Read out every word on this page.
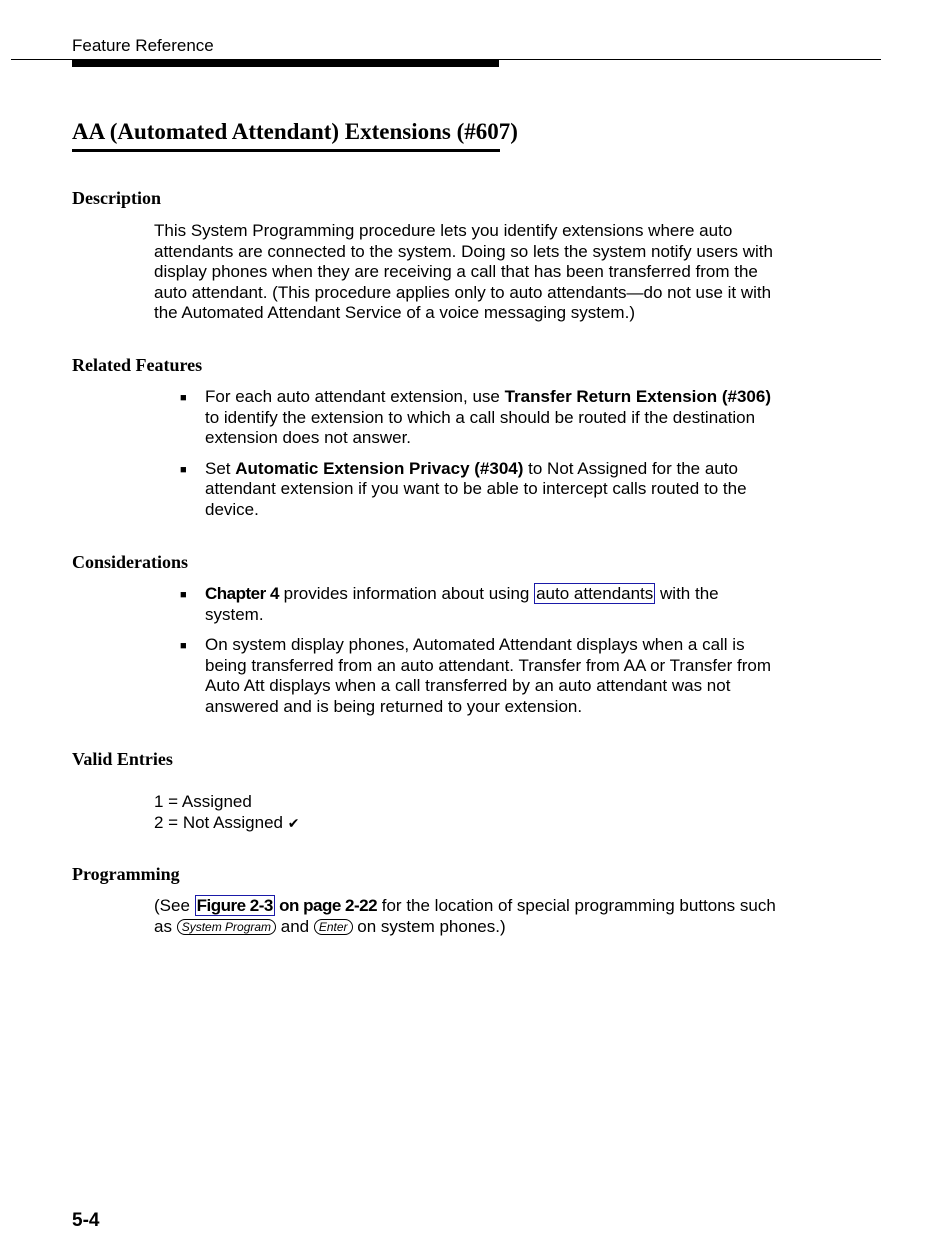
Feature Reference
AA (Automated Attendant) Extensions (#607)
Description

This System Programming procedure lets you identify extensions where auto attendants are connected to the system. Doing so lets the system notify users with display phones when they are receiving a call that has been transferred from the auto attendant. (This procedure applies only to auto attendants—do not use it with the Automated Attendant Service of a voice messaging system.)

Related Features
■ For each auto attendant extension, use Transfer Return Extension (#306) to identify the extension to which a call should be routed if the destination extension does not answer.
■ Set Automatic Extension Privacy (#304) to Not Assigned for the auto attendant extension if you want to be able to intercept calls routed to the device.
Considerations
■ Chapter 4 provides information about using auto attendants with the system.
■ On system display phones, Automated Attendant displays when a call is being transferred from an auto attendant. Transfer from AA or Transfer from Auto Att displays when a call transferred by an auto attendant was not answered and is being returned to your extension.
Valid Entries
1 = Assigned
2 = Not Assigned ✔
Programming

(See Figure 2-3 on page 2-22 for the location of special programming buttons such as System Program and Enter on system phones.)

5-4
